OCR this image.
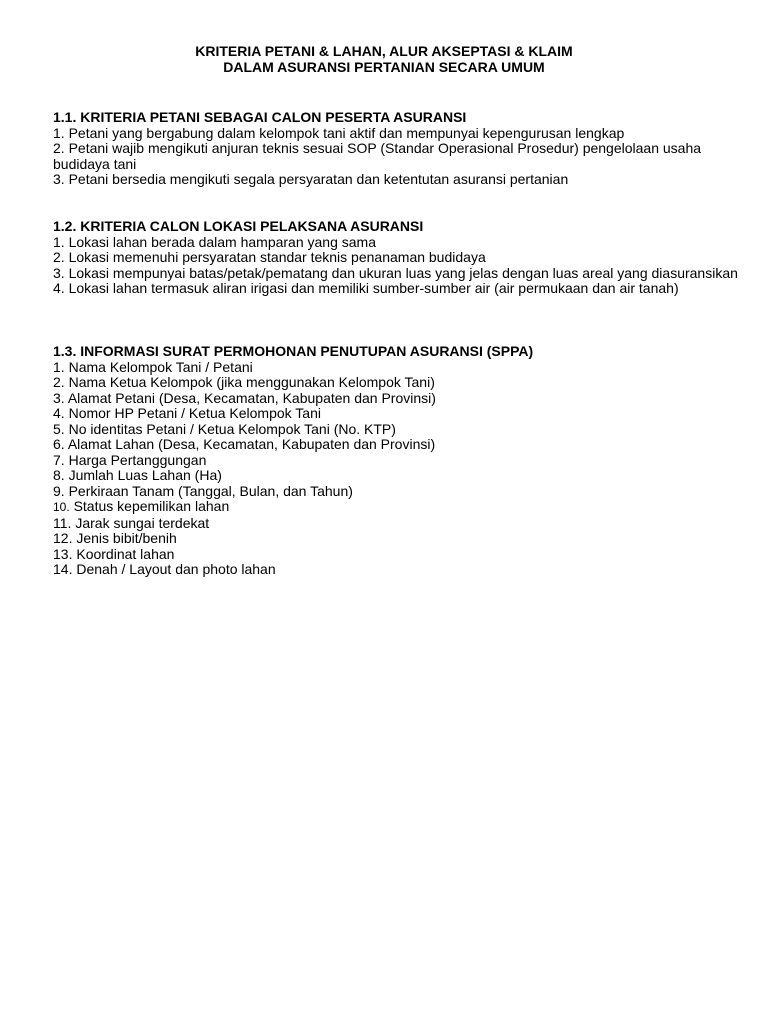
KRITERIA PETANI & LAHAN, ALUR AKSEPTASI & KLAIM
DALAM ASURANSI PERTANIAN SECARA UMUM
1.1. KRITERIA PETANI SEBAGAI CALON PESERTA ASURANSI
1. Petani yang bergabung dalam kelompok tani aktif dan mempunyai kepengurusan lengkap
2. Petani wajib mengikuti anjuran teknis sesuai SOP (Standar Operasional Prosedur) pengelolaan usaha budidaya tani
3. Petani bersedia mengikuti segala persyaratan dan ketentutan asuransi pertanian
1.2. KRITERIA CALON LOKASI PELAKSANA ASURANSI
1. Lokasi lahan berada dalam hamparan yang sama
2. Lokasi memenuhi persyaratan standar teknis penanaman budidaya
3. Lokasi mempunyai batas/petak/pematang dan ukuran luas yang jelas dengan luas areal yang diasuransikan
4. Lokasi lahan termasuk aliran irigasi dan memiliki sumber-sumber air (air permukaan dan air tanah)
1.3. INFORMASI SURAT PERMOHONAN PENUTUPAN ASURANSI (SPPA)
1. Nama Kelompok Tani / Petani
2. Nama Ketua Kelompok (jika menggunakan Kelompok Tani)
3. Alamat Petani (Desa, Kecamatan, Kabupaten dan Provinsi)
4. Nomor HP Petani / Ketua Kelompok Tani
5. No identitas Petani / Ketua Kelompok Tani (No. KTP)
6. Alamat Lahan (Desa, Kecamatan, Kabupaten dan Provinsi)
7. Harga Pertanggungan
8. Jumlah Luas Lahan (Ha)
9. Perkiraan Tanam (Tanggal, Bulan, dan Tahun)
10. Status kepemilikan lahan
11. Jarak sungai terdekat
12. Jenis bibit/benih
13. Koordinat lahan
14. Denah / Layout dan photo lahan
